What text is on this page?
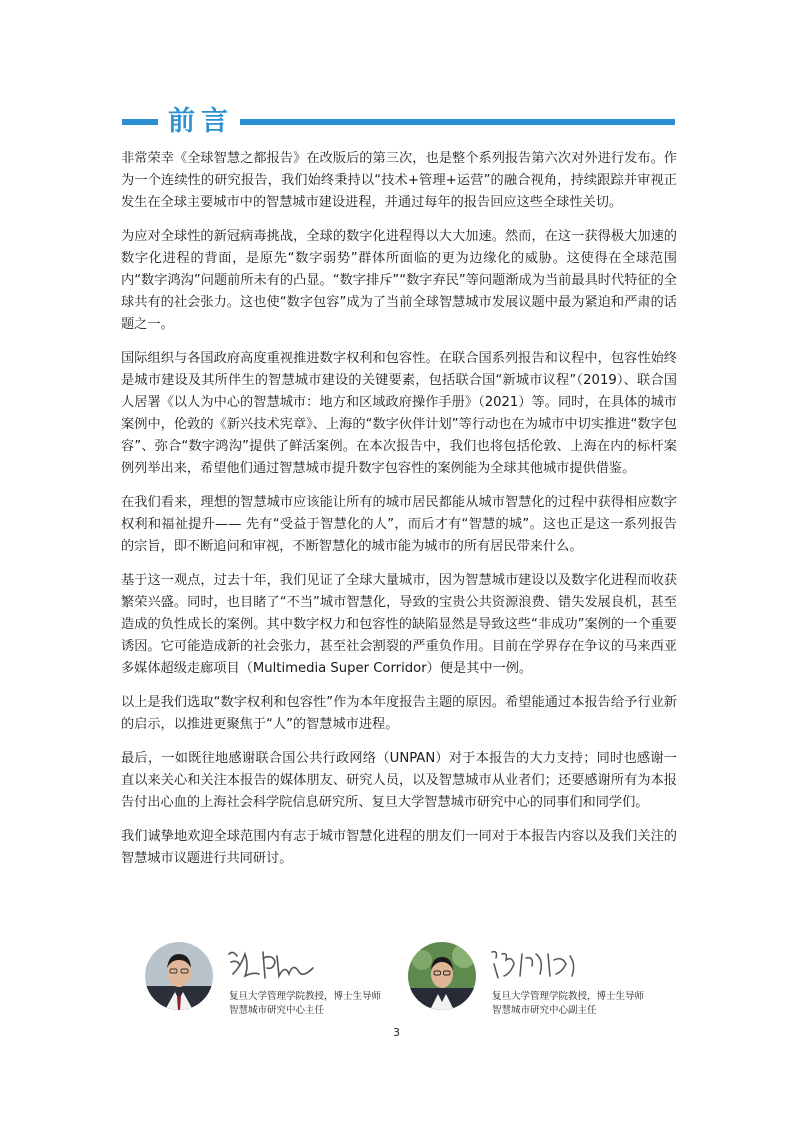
前言

非常荣幸《全球智慧之都报告》在改版后的第三次，也是整个系列报告第六次对外进行发布。作为一个连续性的研究报告，我们始终秉持以“技术+管理+运营”的融合视角，持续跟踪并审视正发生在全球主要城市中的智慧城市建设进程，并通过每年的报告回应这些全球性关切。

为应对全球性的新冠病毒挑战，全球的数字化进程得以大大加速。然而，在这一获得极大加速的数字化进程的背面，是原先“数字弱势”群体所面临的更为边缘化的威胁。这使得在全球范围内“数字鸿沟”问题前所未有的凸显。“数字排斥”“数字弃民”等问题渐成为当前最具时代特征的全球共有的社会张力。这也使“数字包容”成为了当前全球智慧城市发展议题中最为紧迫和严肃的话题之一。

国际组织与各国政府高度重视推进数字权利和包容性。在联合国系列报告和议程中，包容性始终是城市建设及其所伴生的智慧城市建设的关键要素，包括联合国“新城市议程”（2019）、联合国人居署《以人为中心的智慧城市：地方和区域政府操作手册》（2021）等。同时，在具体的城市案例中，伦敦的《新兴技术宪章》、上海的“数字伙伴计划”等行动也在为城市中切实推进“数字包容”、弥合“数字鸿沟”提供了鲜活案例。在本次报告中，我们也将包括伦敦、上海在内的标杆案例列举出来，希望他们通过智慧城市提升数字包容性的案例能为全球其他城市提供借鉴。

在我们看来，理想的智慧城市应该能让所有的城市居民都能从城市智慧化的过程中获得相应数字权利和福祉提升—— 先有“受益于智慧化的人”，而后才有“智慧的城”。这也正是这一系列报告的宗旨，即不断追问和审视，不断智慧化的城市能为城市的所有居民带来什么。

基于这一观点，过去十年，我们见证了全球大量城市，因为智慧城市建设以及数字化进程而收获繁荣兴盛。同时，也目睹了“不当”城市智慧化，导致的宝贵公共资源浪费、错失发展良机，甚至造成的负性成长的案例。其中数字权力和包容性的缺陷显然是导致这些“非成功”案例的一个重要诱因。它可能造成新的社会张力，甚至社会割裂的严重负作用。目前在学界存在争议的马来西亚多媒体超级走廊项目（Multimedia Super Corridor）便是其中一例。

以上是我们选取“数字权利和包容性”作为本年度报告主题的原因。希望能通过本报告给予行业新的启示，以推进更聚焦于“人”的智慧城市进程。

最后，一如既往地感谢联合国公共行政网络（UNPAN）对于本报告的大力支持；同时也感谢一直以来关心和关注本报告的媒体朋友、研究人员，以及智慧城市从业者们；还要感谢所有为本报告付出心血的上海社会科学院信息研究所、复旦大学智慧城市研究中心的同事们和同学们。

我们诚挚地欢迎全球范围内有志于城市智慧化进程的朋友们一同对于本报告内容以及我们关注的智慧城市议题进行共同研讨。

复旦大学管理学院教授，博士生导师
智慧城市研究中心主任
复旦大学管理学院教授，博士生导师
智慧城市研究中心副主任
3
